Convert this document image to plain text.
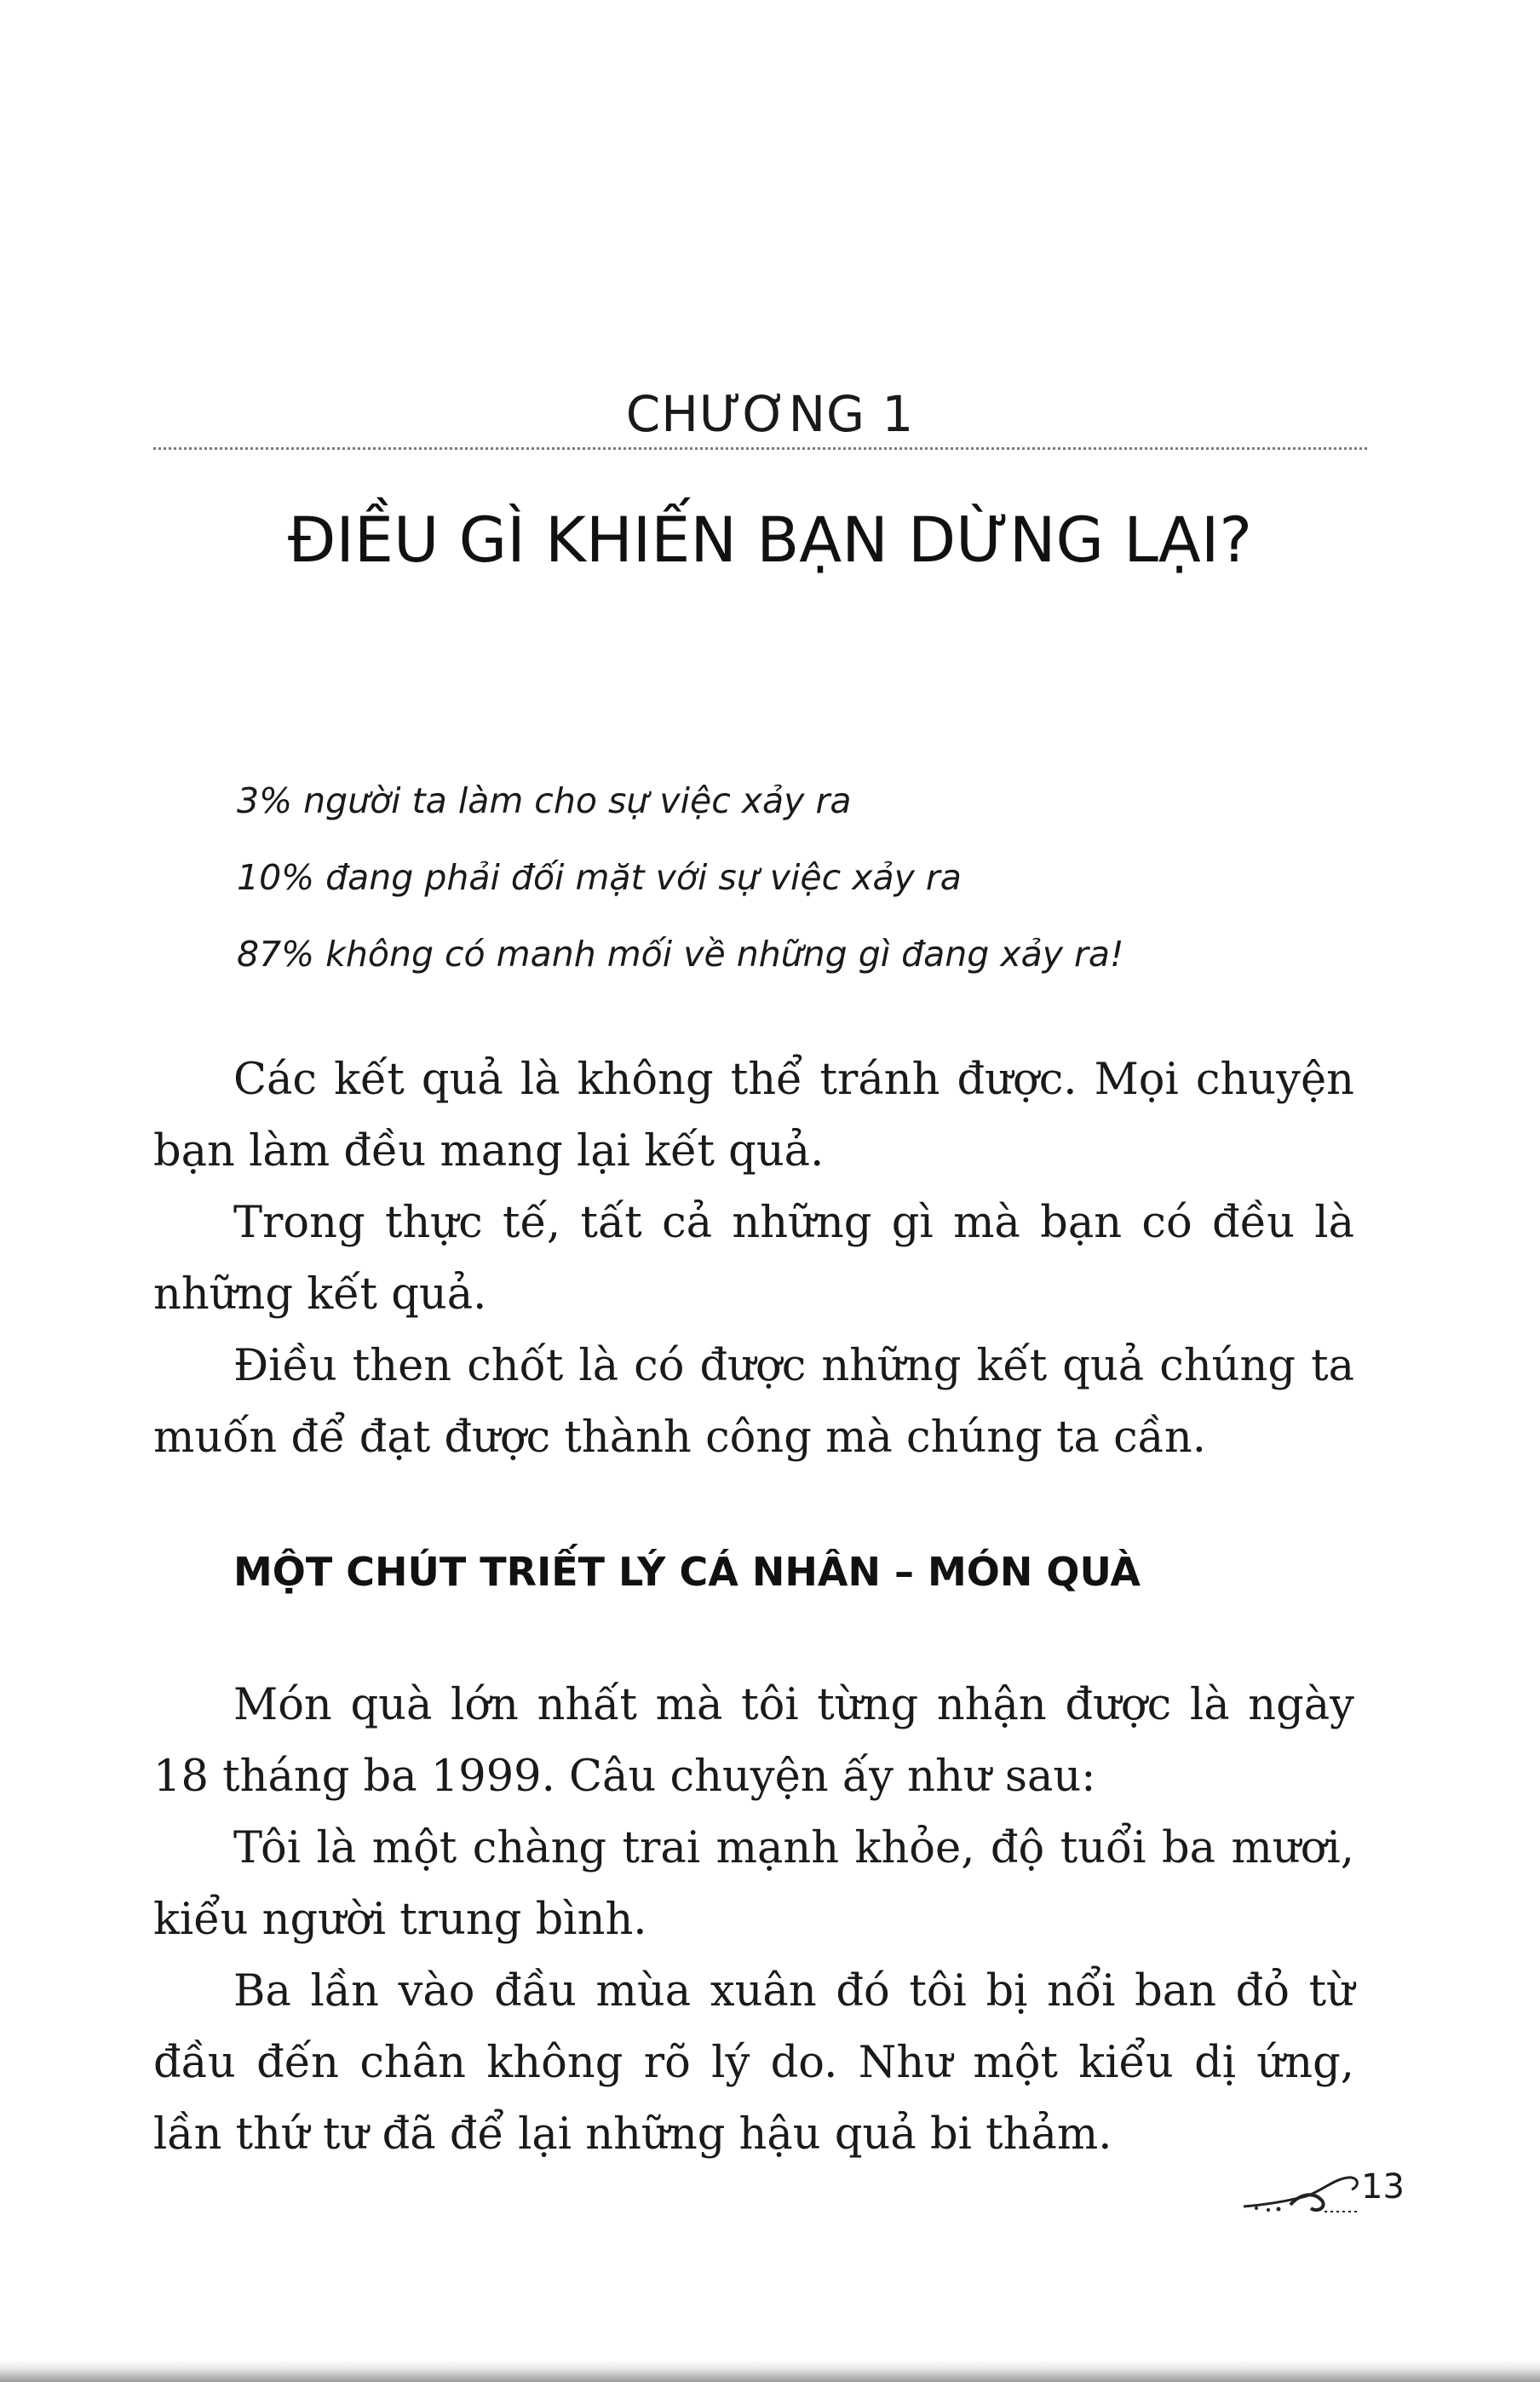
CHƯƠNG 1
ĐIỀU GÌ KHIẾN BẠN DỪNG LẠI?
3% người ta làm cho sự việc xảy ra
10% đang phải đối mặt với sự việc xảy ra
87% không có manh mối về những gì đang xảy ra!

Các kết quả là không thể tránh được. Mọi chuyện bạn làm đều mang lại kết quả.

Trong thực tế, tất cả những gì mà bạn có đều là những kết quả.

Điều then chốt là có được những kết quả chúng ta muốn để đạt được thành công mà chúng ta cần.

MỘT CHÚT TRIẾT LÝ CÁ NHÂN – MÓN QUÀ

Món quà lớn nhất mà tôi từng nhận được là ngày 18 tháng ba 1999. Câu chuyện ấy như sau:

Tôi là một chàng trai mạnh khỏe, độ tuổi ba mươi, kiểu người trung bình.

Ba lần vào đầu mùa xuân đó tôi bị nổi ban đỏ từ đầu đến chân không rõ lý do. Như một kiểu dị ứng, lần thứ tư đã để lại những hậu quả bi thảm.

13
